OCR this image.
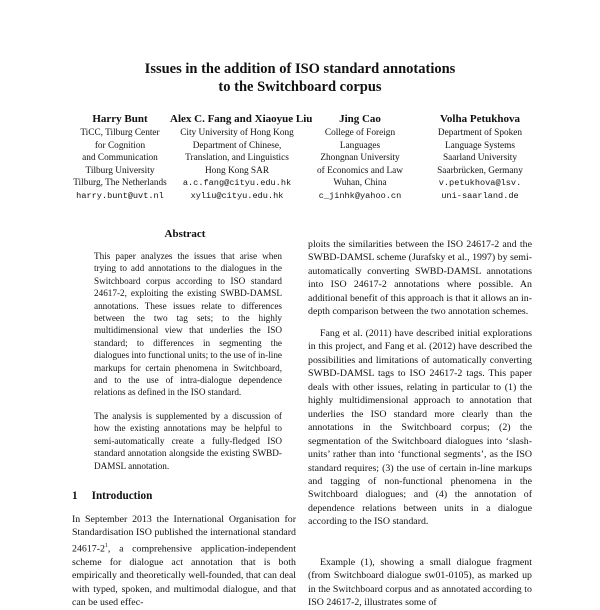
Issues in the addition of ISO standard annotations
to the Switchboard corpus
Harry Bunt
TiCC, Tilburg Center
for Cognition
and Communication
Tilburg University
Tilburg, The Netherlands
harry.bunt@uvt.nl
Alex C. Fang and Xiaoyue Liu
City University of Hong Kong
Department of Chinese,
Translation, and Linguistics
Hong Kong SAR
a.c.fang@cityu.edu.hk
xyliu@cityu.edu.hk
Jing Cao
College of Foreign
Languages
Zhongnan University
of Economics and Law
Wuhan, China
c_jinhk@yahoo.cn
Volha Petukhova
Department of Spoken
Language Systems
Saarland University
Saarbrücken, Germany
v.petukhova@lsv.
uni-saarland.de
Abstract

This paper analyzes the issues that arise when trying to add annotations to the dialogues in the Switchboard corpus according to ISO standard 24617-2, exploiting the existing SWBD-DAMSL annotations. These issues relate to differences between the two tag sets; to the highly multidimensional view that underlies the ISO standard; to differences in segmenting the dialogues into functional units; to the use of in-line markups for certain phenomena in Switchboard, and to the use of intra-dialogue dependence relations as defined in the ISO standard.

The analysis is supplemented by a discussion of how the existing annotations may be helpful to semi-automatically create a fully-fledged ISO standard annotation alongside the existing SWBD-DAMSL annotation.

1 Introduction

In September 2013 the International Organisation for Standardisation ISO published the international standard $24617-2^1$, a comprehensive application-independent scheme for dialogue act annotation that is both empirically and theoretically well-founded, that can deal with typed, spoken, and multimodal dialogue, and that can be used effec-

ploits the similarities between the ISO 24617-2 and the SWBD-DAMSL scheme (Jurafsky et al., 1997) by semi-automatically converting SWBD-DAMSL annotations into ISO 24617-2 annotations where possible. An additional benefit of this approach is that it allows an in-depth comparison between the two annotation schemes.

Fang et al. (2011) have described initial explorations in this project, and Fang et al. (2012) have described the possibilities and limitations of automatically converting SWBD-DAMSL tags to ISO 24617-2 tags. This paper deals with other issues, relating in particular to (1) the highly multidimensional approach to annotation that underlies the ISO standard more clearly than the annotations in the Switchboard corpus; (2) the segmentation of the Switchboard dialogues into ‘slash-units’ rather than into ‘functional segments’, as the ISO standard requires; (3) the use of certain in-line markups and tagging of non-functional phenomena in the Switchboard dialogues; and (4) the annotation of dependence relations between units in a dialogue according to the ISO standard.

Example (1), showing a small dialogue fragment (from Switchboard dialogue sw01-0105), as marked up in the Switchboard corpus and as annotated according to ISO 24617-2, illustrates some of
